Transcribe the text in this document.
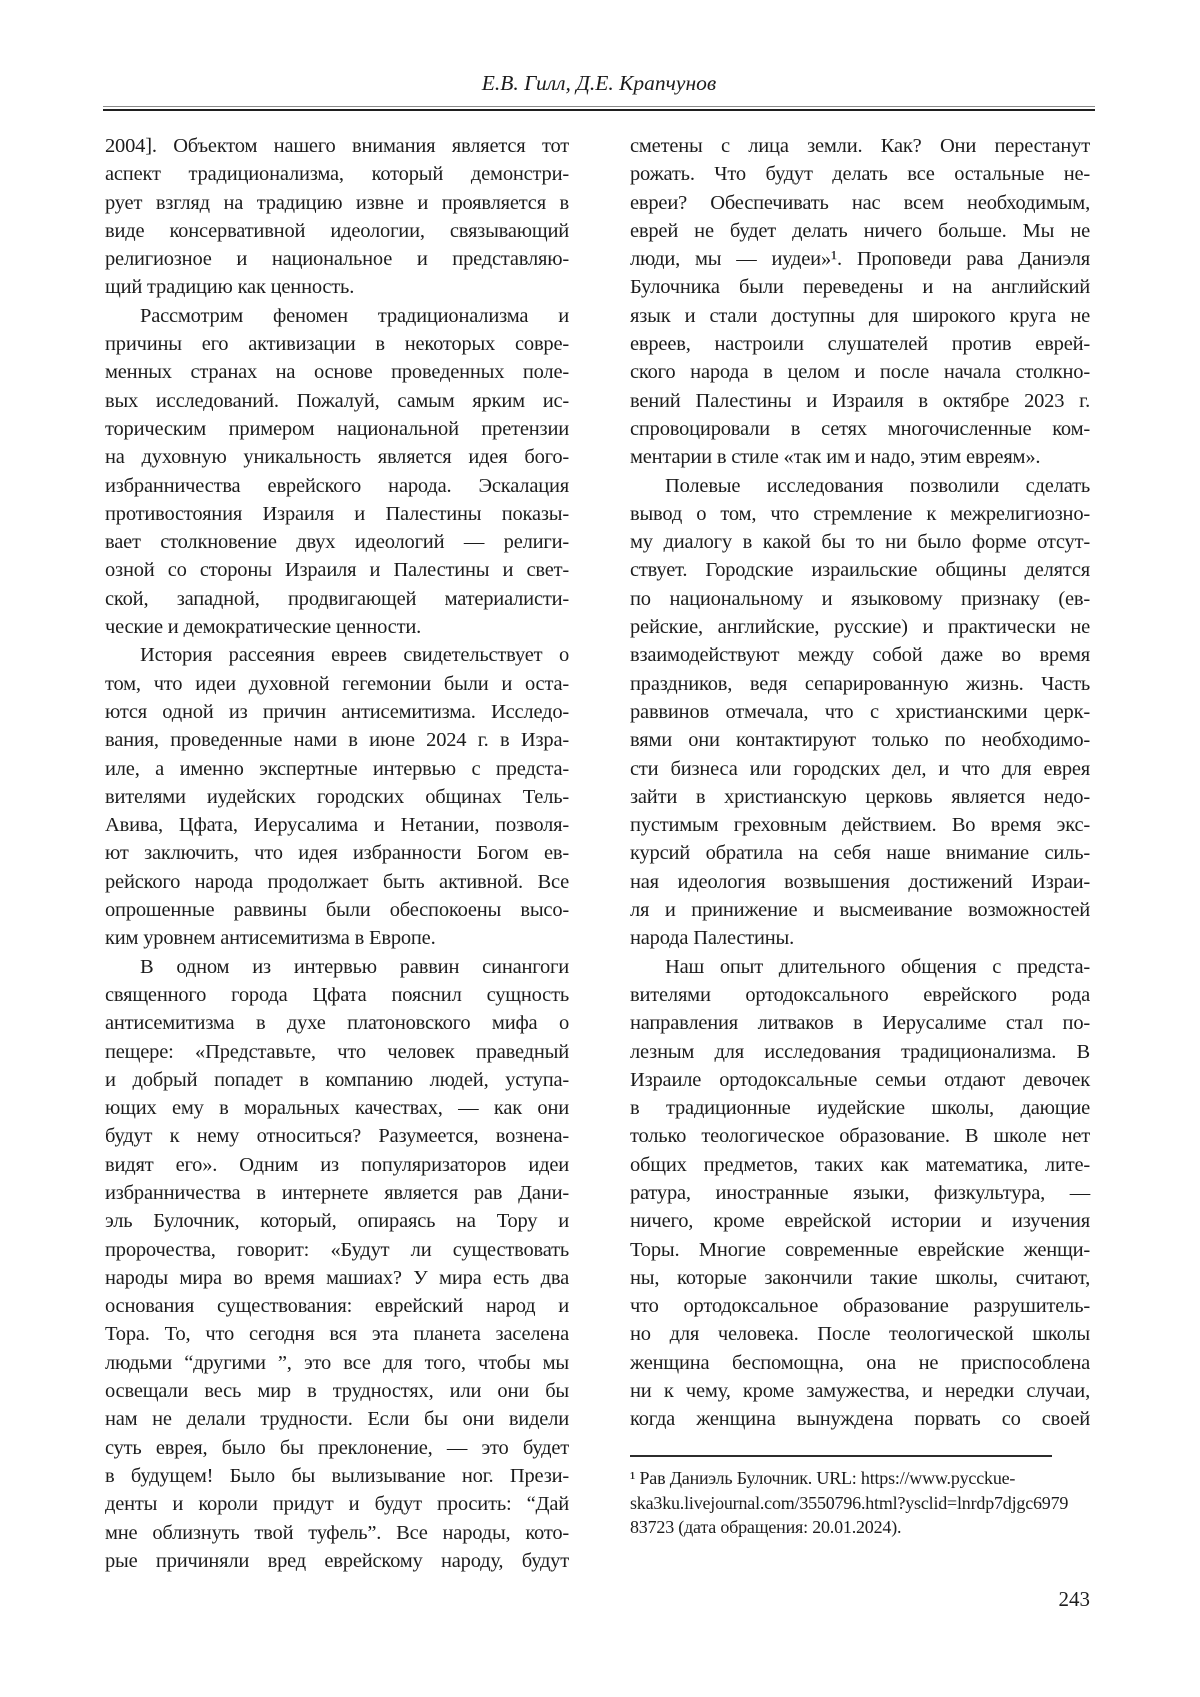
Е.В. Гилл, Д.Е. Крапчунов
2004]. Объектом нашего внимания является тот
аспект традиционализма, который демонстри-
рует взгляд на традицию извне и проявляется в
виде консервативной идеологии, связывающий
религиозное и национальное и представляю-
щий традицию как ценность.
Рассмотрим феномен традиционализма и
причины его активизации в некоторых совре-
менных странах на основе проведенных поле-
вых исследований. Пожалуй, самым ярким ис-
торическим примером национальной претензии
на духовную уникальность является идея бого-
избранничества еврейского народа. Эскалация
противостояния Израиля и Палестины показы-
вает столкновение двух идеологий — религи-
озной со стороны Израиля и Палестины и свет-
ской, западной, продвигающей материалисти-
ческие и демократические ценности.
История рассеяния евреев свидетельствует о
том, что идеи духовной гегемонии были и оста-
ются одной из причин антисемитизма. Исследо-
вания, проведенные нами в июне 2024 г. в Изра-
иле, а именно экспертные интервью с предста-
вителями иудейских городских общинах Тель-
Авива, Цфата, Иерусалима и Нетании, позволя-
ют заключить, что идея избранности Богом ев-
рейского народа продолжает быть активной. Все
опрошенные раввины были обеспокоены высо-
ким уровнем антисемитизма в Европе.
В одном из интервью раввин синангоги
священного города Цфата пояснил сущность
антисемитизма в духе платоновского мифа о
пещере: «Представьте, что человек праведный
и добрый попадет в компанию людей, уступа-
ющих ему в моральных качествах, — как они
будут к нему относиться? Разумеется, вознена-
видят его». Одним из популяризаторов идеи
избранничества в интернете является рав Дани-
эль Булочник, который, опираясь на Тору и
пророчества, говорит: «Будут ли существовать
народы мира во время машиах? У мира есть два
основания существования: еврейский народ и
Тора. То, что сегодня вся эта планета заселена
людьми “другими ”, это все для того, чтобы мы
освещали весь мир в трудностях, или они бы
нам не делали трудности. Если бы они видели
суть еврея, было бы преклонение, — это будет
в будущем! Было бы вылизывание ног. Прези-
денты и короли придут и будут просить: “Дай
мне облизнуть твой туфель”. Все народы, кото-
рые причиняли вред еврейскому народу, будут
сметены с лица земли. Как? Они перестанут
рожать. Что будут делать все остальные не-
евреи? Обеспечивать нас всем необходимым,
еврей не будет делать ничего больше. Мы не
люди, мы — иудеи»¹. Проповеди рава Даниэля
Булочника были переведены и на английский
язык и стали доступны для широкого круга не
евреев, настроили слушателей против еврей-
ского народа в целом и после начала столкно-
вений Палестины и Израиля в октябре 2023 г.
спровоцировали в сетях многочисленные ком-
ментарии в стиле «так им и надо, этим евреям».
Полевые исследования позволили сделать
вывод о том, что стремление к межрелигиозно-
му диалогу в какой бы то ни было форме отсут-
ствует. Городские израильские общины делятся
по национальному и языковому признаку (ев-
рейские, английские, русские) и практически не
взаимодействуют между собой даже во время
праздников, ведя сепарированную жизнь. Часть
раввинов отмечала, что с христианскими церк-
вями они контактируют только по необходимо-
сти бизнеса или городских дел, и что для еврея
зайти в христианскую церковь является недо-
пустимым греховным действием. Во время экс-
курсий обратила на себя наше внимание силь-
ная идеология возвышения достижений Израи-
ля и принижение и высмеивание возможностей
народа Палестины.
Наш опыт длительного общения с предста-
вителями ортодоксального еврейского рода
направления литваков в Иерусалиме стал по-
лезным для исследования традиционализма. В
Израиле ортодоксальные семьи отдают девочек
в традиционные иудейские школы, дающие
только теологическое образование. В школе нет
общих предметов, таких как математика, лите-
ратура, иностранные языки, физкультура, —
ничего, кроме еврейской истории и изучения
Торы. Многие современные еврейские женщи-
ны, которые закончили такие школы, считают,
что ортодоксальное образование разрушитель-
но для человека. После теологической школы
женщина беспомощна, она не приспособлена
ни к чему, кроме замужества, и нередки случаи,
когда женщина вынуждена порвать со своей
¹ Рав Даниэль Булочник. URL: https://www.pycckue-
ska3ku.livejournal.com/3550796.html?ysclid=lnrdp7djgc6979
83723 (дата обращения: 20.01.2024).
243
